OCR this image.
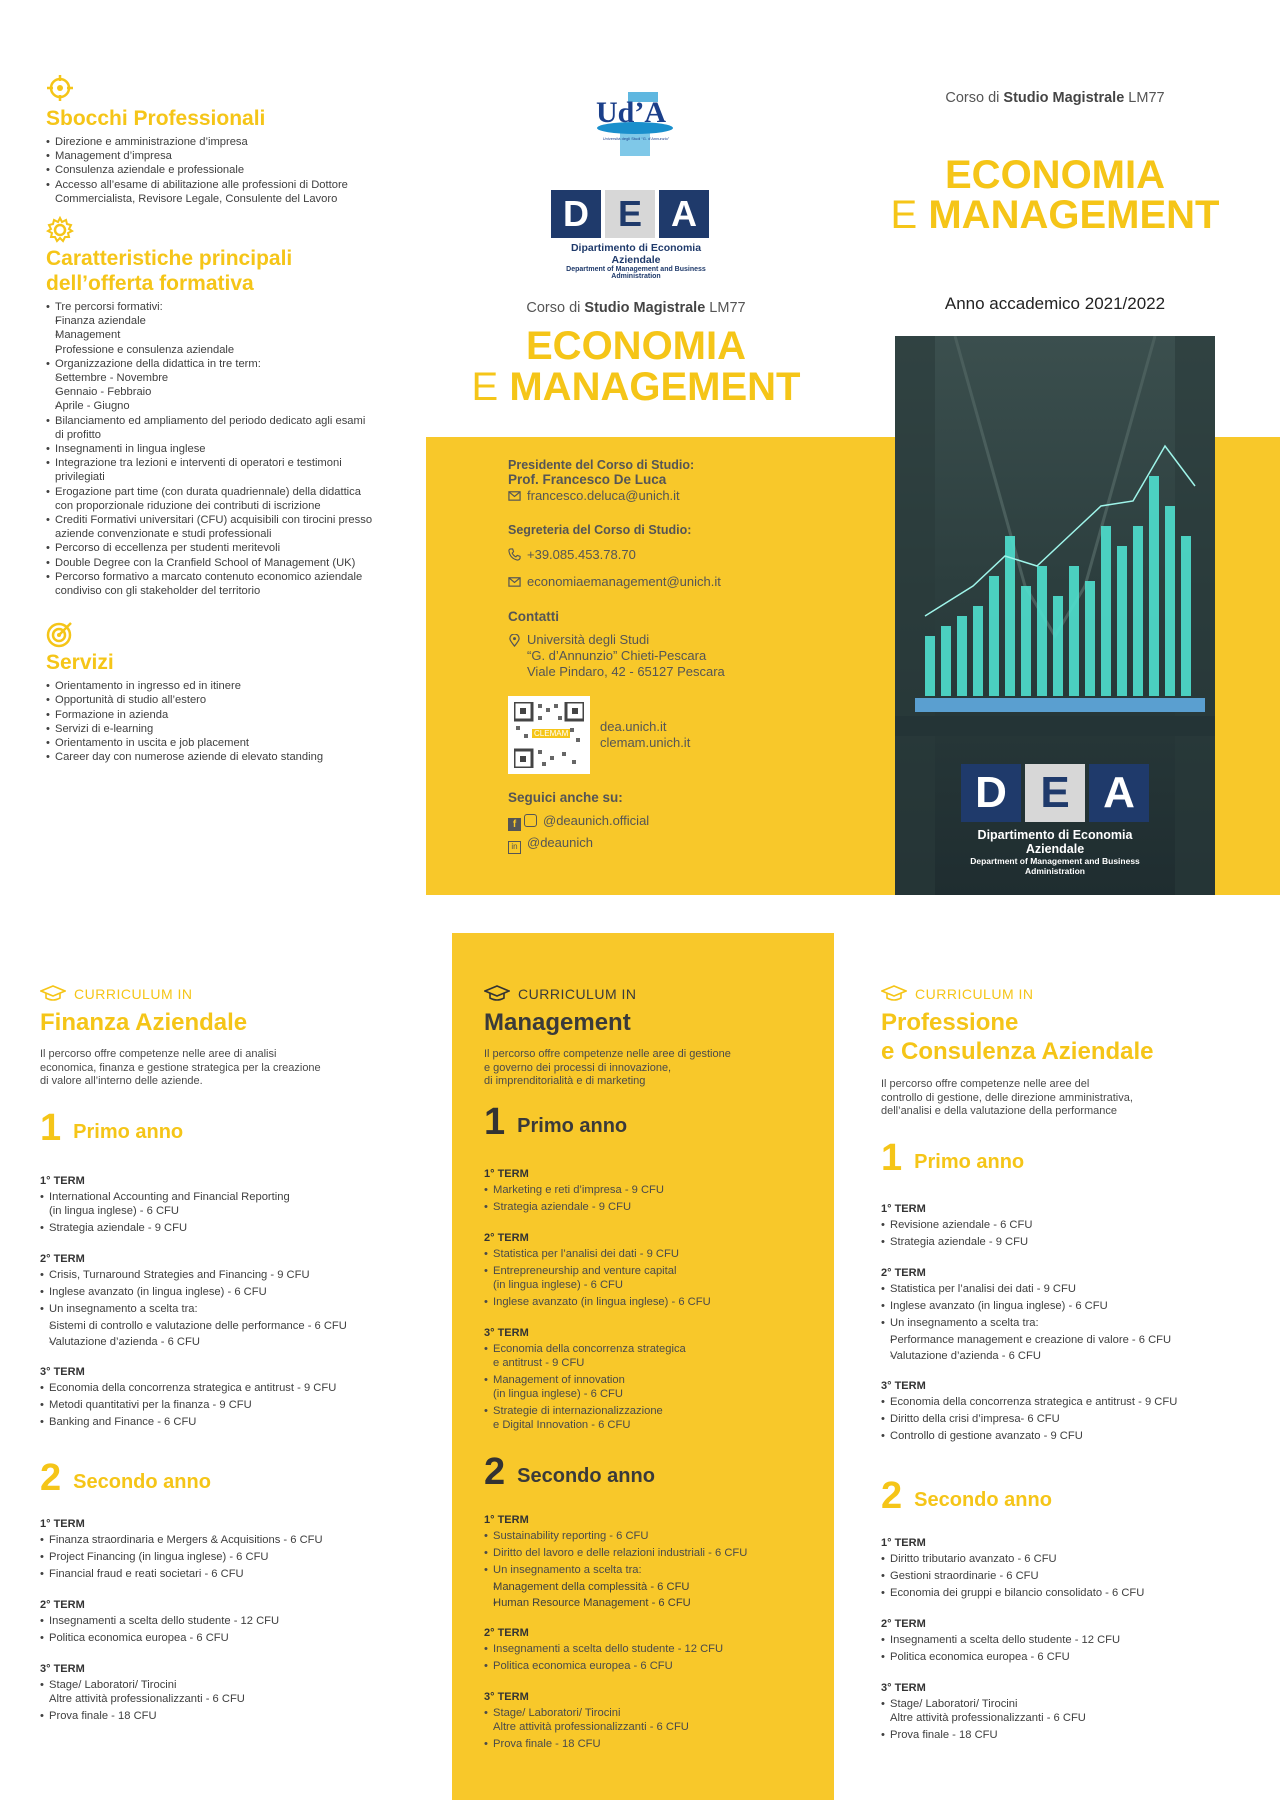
Sbocchi Professionali
• Direzione e amministrazione d’impresa
• Management d’impresa
• Consulenza aziendale e professionale
• Accesso all’esame di abilitazione alle professioni di Dottore Commercialista, Revisore Legale, Consulente del Lavoro
Caratteristiche principali
dell’offerta formativa
• Tre percorsi formativi:
- Finanza aziendale
- Management
- Professione e consulenza aziendale
• Organizzazione della didattica in tre term:
- Settembre - Novembre
- Gennaio - Febbraio
- Aprile - Giugno
• Bilanciamento ed ampliamento del periodo dedicato agli esami di profitto
• Insegnamenti in lingua inglese
• Integrazione tra lezioni e interventi di operatori e testimoni privilegiati
• Erogazione part time (con durata quadriennale) della didattica con proporzionale riduzione dei contributi di iscrizione
• Crediti Formativi universitari (CFU) acquisibili con tirocini presso aziende convenzionate e studi professionali
• Percorso di eccellenza per studenti meritevoli
• Double Degree con la Cranfield School of Management (UK)
• Percorso formativo a marcato contenuto economico aziendale condiviso con gli stakeholder del territorio
Servizi
• Orientamento in ingresso ed in itinere
• Opportunità di studio all’estero
• Formazione in azienda
• Servizi di e-learning
• Orientamento in uscita e job placement
• Career day con numerose aziende di elevato standing
Ud’A
Università degli Studi “G. d’Annunzio”
D E A
Dipartimento di Economia Aziendale
Department of Management and Business Administration
Corso di Studio Magistrale LM77
ECONOMIA
E MANAGEMENT
Corso di Studio Magistrale LM77
ECONOMIA
E MANAGEMENT
Anno accademico 2021/2022
D E A
Dipartimento di Economia Aziendale
Department of Management and Business Administration
Presidente del Corso di Studio:
Prof. Francesco De Luca
francesco.deluca@unich.it
Segreteria del Corso di Studio:
+39.085.453.78.70
economiaemanagement@unich.it
Contatti
Università degli Studi
“G. d’Annunzio” Chieti-Pescara
Viale Pindaro, 42 - 65127 Pescara
CLEMAM dea.unich.it
clemam.unich.it
Seguici anche su:
f @deaunich.official
in @deaunich
CURRICULUM IN
Finanza Aziendale
Il percorso offre competenze nelle aree di analisi
economica, finanza e gestione strategica per la creazione
di valore all’interno delle aziende.
1 Primo anno
1° TERM
• International Accounting and Financial Reporting
(in lingua inglese) - 6 CFU
• Strategia aziendale - 9 CFU
2° TERM
• Crisis, Turnaround Strategies and Financing - 9 CFU
• Inglese avanzato (in lingua inglese) - 6 CFU
• Un insegnamento a scelta tra:
- Sistemi di controllo e valutazione delle performance - 6 CFU
- Valutazione d’azienda - 6 CFU
3° TERM
• Economia della concorrenza strategica e antitrust - 9 CFU
• Metodi quantitativi per la finanza - 9 CFU
• Banking and Finance - 6 CFU
2 Secondo anno
1° TERM
• Finanza straordinaria e Mergers & Acquisitions - 6 CFU
• Project Financing (in lingua inglese) - 6 CFU
• Financial fraud e reati societari - 6 CFU
2° TERM
• Insegnamenti a scelta dello studente - 12 CFU
• Politica economica europea - 6 CFU
3° TERM
• Stage/ Laboratori/ Tirocini
Altre attività professionalizzanti - 6 CFU
• Prova finale - 18 CFU
CURRICULUM IN
Management
Il percorso offre competenze nelle aree di gestione
e governo dei processi di innovazione,
di imprenditorialità e di marketing
1 Primo anno
1° TERM
• Marketing e reti d’impresa - 9 CFU
• Strategia aziendale - 9 CFU
2° TERM
• Statistica per l’analisi dei dati - 9 CFU
• Entrepreneurship and venture capital
(in lingua inglese) - 6 CFU
• Inglese avanzato (in lingua inglese) - 6 CFU
3° TERM
• Economia della concorrenza strategica
e antitrust - 9 CFU
• Management of innovation
(in lingua inglese) - 6 CFU
• Strategie di internazionalizzazione
e Digital Innovation - 6 CFU
2 Secondo anno
1° TERM
• Sustainability reporting - 6 CFU
• Diritto del lavoro e delle relazioni industriali - 6 CFU
• Un insegnamento a scelta tra:
- Management della complessità - 6 CFU
- Human Resource Management - 6 CFU
2° TERM
• Insegnamenti a scelta dello studente - 12 CFU
• Politica economica europea - 6 CFU
3° TERM
• Stage/ Laboratori/ Tirocini
Altre attività professionalizzanti - 6 CFU
• Prova finale - 18 CFU
CURRICULUM IN
Professione
e Consulenza Aziendale
Il percorso offre competenze nelle aree del
controllo di gestione, delle direzione amministrativa,
dell’analisi e della valutazione della performance
1 Primo anno
1° TERM
• Revisione aziendale - 6 CFU
• Strategia aziendale - 9 CFU
2° TERM
• Statistica per l’analisi dei dati - 9 CFU
• Inglese avanzato (in lingua inglese) - 6 CFU
• Un insegnamento a scelta tra:
- Performance management e creazione di valore - 6 CFU
- Valutazione d’azienda - 6 CFU
3° TERM
• Economia della concorrenza strategica e antitrust - 9 CFU
• Diritto della crisi d’impresa- 6 CFU
• Controllo di gestione avanzato - 9 CFU
2 Secondo anno
1° TERM
• Diritto tributario avanzato - 6 CFU
• Gestioni straordinarie - 6 CFU
• Economia dei gruppi e bilancio consolidato - 6 CFU
2° TERM
• Insegnamenti a scelta dello studente - 12 CFU
• Politica economica europea - 6 CFU
3° TERM
• Stage/ Laboratori/ Tirocini
Altre attività professionalizzanti - 6 CFU
• Prova finale - 18 CFU
